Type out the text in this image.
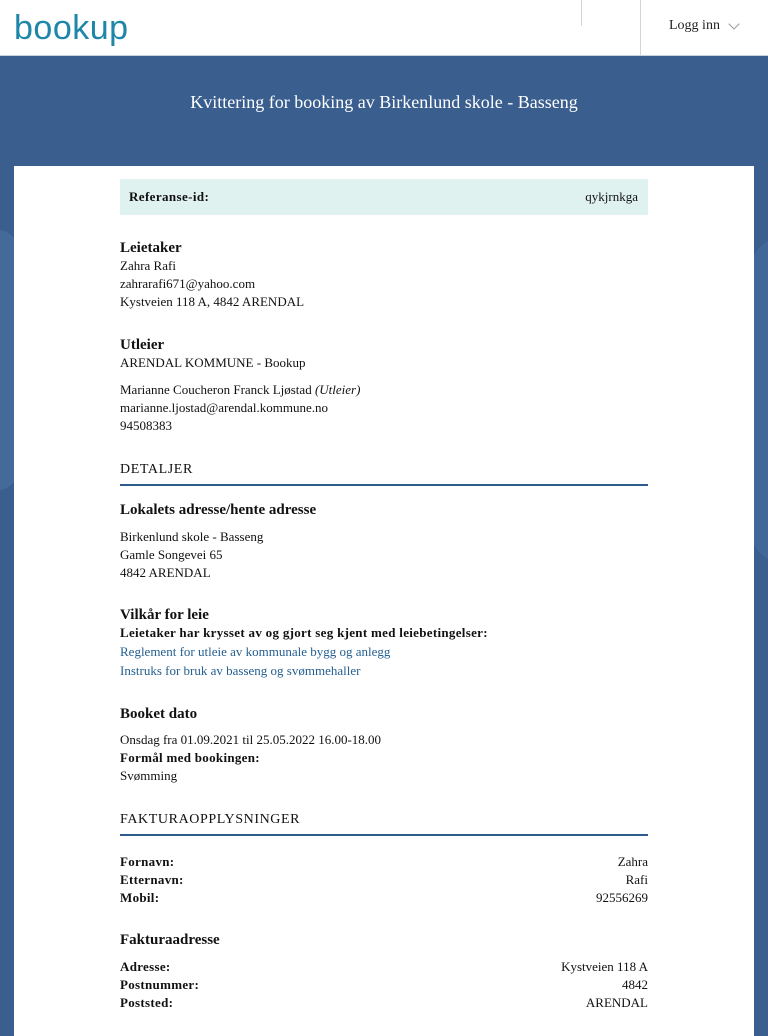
bookup	Logg inn
Kvittering for booking av Birkenlund skole - Basseng
Referanse-id:	qykjrnkga
Leietaker
Zahra Rafi
zahrarafi671@yahoo.com
Kystveien 118 A, 4842 ARENDAL
Utleier
ARENDAL KOMMUNE - Bookup
Marianne Coucheron Franck Ljøstad (Utleier)
marianne.ljostad@arendal.kommune.no
94508383
DETALJER
Lokalets adresse/hente adresse
Birkenlund skole - Basseng
Gamle Songevei 65
4842 ARENDAL
Vilkår for leie
Leietaker har krysset av og gjort seg kjent med leiebetingelser:
Reglement for utleie av kommunale bygg og anlegg
Instruks for bruk av basseng og svømmehaller
Booket dato
Onsdag fra 01.09.2021 til 25.05.2022 16.00-18.00
Formål med bookingen:
Svømming
FAKTURAOPPLYSNINGER
Fornavn:	Zahra
Etternavn:	Rafi
Mobil:	92556269
Fakturaadresse
Adresse:	Kystveien 118 A
Postnummer:	4842
Poststed:	ARENDAL
